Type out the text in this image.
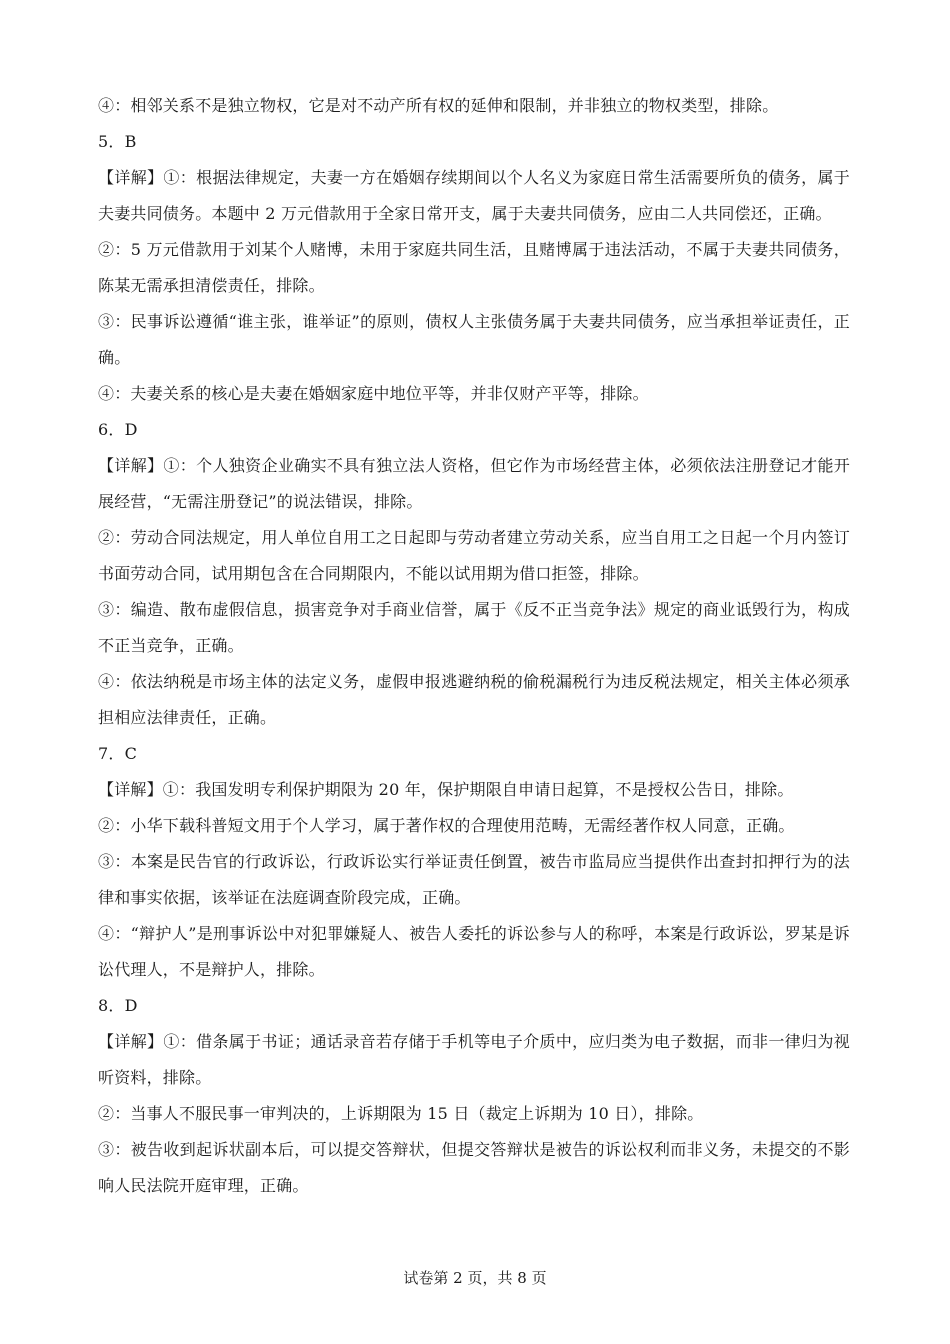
④：相邻关系不是独立物权，它是对不动产所有权的延伸和限制，并非独立的物权类型，排除。
5．B
【详解】①：根据法律规定，夫妻一方在婚姻存续期间以个人名义为家庭日常生活需要所负的债务，属于
夫妻共同债务。本题中 2 万元借款用于全家日常开支，属于夫妻共同债务，应由二人共同偿还，正确。
②：5 万元借款用于刘某个人赌博，未用于家庭共同生活，且赌博属于违法活动，不属于夫妻共同债务，
陈某无需承担清偿责任，排除。
③：民事诉讼遵循“谁主张，谁举证”的原则，债权人主张债务属于夫妻共同债务，应当承担举证责任，正
确。
④：夫妻关系的核心是夫妻在婚姻家庭中地位平等，并非仅财产平等，排除。
6．D
【详解】①：个人独资企业确实不具有独立法人资格，但它作为市场经营主体，必须依法注册登记才能开
展经营，“无需注册登记”的说法错误，排除。
②：劳动合同法规定，用人单位自用工之日起即与劳动者建立劳动关系，应当自用工之日起一个月内签订
书面劳动合同，试用期包含在合同期限内，不能以试用期为借口拒签，排除。
③：编造、散布虚假信息，损害竞争对手商业信誉，属于《反不正当竞争法》规定的商业诋毁行为，构成
不正当竞争，正确。
④：依法纳税是市场主体的法定义务，虚假申报逃避纳税的偷税漏税行为违反税法规定，相关主体必须承
担相应法律责任，正确。
7．C
【详解】①：我国发明专利保护期限为 20 年，保护期限自申请日起算，不是授权公告日，排除。
②：小华下载科普短文用于个人学习，属于著作权的合理使用范畴，无需经著作权人同意，正确。
③：本案是民告官的行政诉讼，行政诉讼实行举证责任倒置，被告市监局应当提供作出查封扣押行为的法
律和事实依据，该举证在法庭调查阶段完成，正确。
④：“辩护人”是刑事诉讼中对犯罪嫌疑人、被告人委托的诉讼参与人的称呼，本案是行政诉讼，罗某是诉
讼代理人，不是辩护人，排除。
8．D
【详解】①：借条属于书证；通话录音若存储于手机等电子介质中，应归类为电子数据，而非一律归为视
听资料，排除。
②：当事人不服民事一审判决的，上诉期限为 15 日（裁定上诉期为 10 日），排除。
③：被告收到起诉状副本后，可以提交答辩状，但提交答辩状是被告的诉讼权利而非义务，未提交的不影
响人民法院开庭审理，正确。
试卷第 2 页，共 8 页
